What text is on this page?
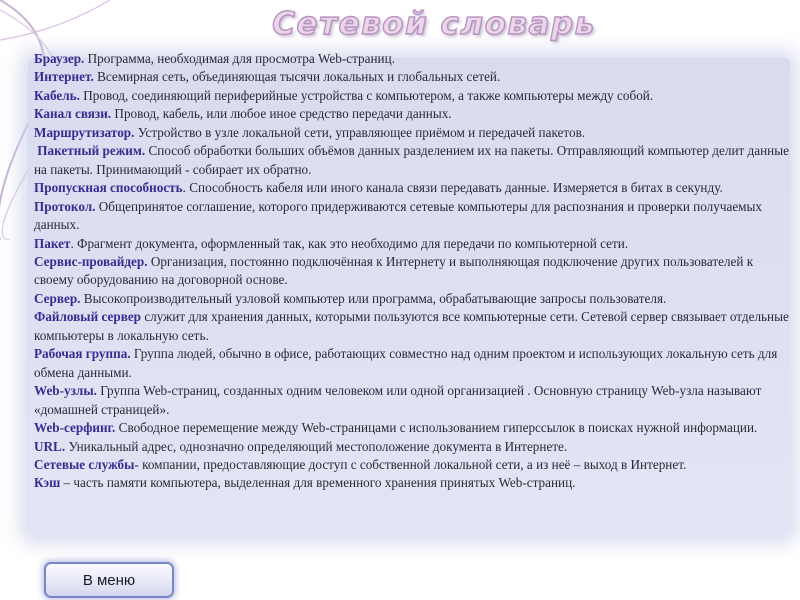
Сетевой словарь

Браузер. Программа, необходимая для просмотра Web-страниц.

Интернет. Всемирная сеть, объединяющая тысячи локальных и глобальных сетей.

Кабель. Провод, соединяющий периферийные устройства с компьютером, а также компьютеры между собой.

Канал связи. Провод, кабель, или любое иное средство передачи данных.

Маршрутизатор. Устройство в узле локальной сети, управляющее приёмом и передачей пакетов.

Пакетный режим. Способ обработки больших объёмов данных разделением их на пакеты. Отправляющий компьютер делит данные на пакеты. Принимающий - собирает их обратно.

Пропускная способность. Способность кабеля или иного канала связи передавать данные. Измеряется в битах в секунду.

Протокол. Общепринятое соглашение, которого придерживаются сетевые компьютеры для распознания и проверки получаемых данных.

Пакет. Фрагмент документа, оформленный так, как это необходимо для передачи по компьютерной сети.

Сервис-провайдер. Организация, постоянно подключённая к Интернету и выполняющая подключение других пользователей к своему оборудованию на договорной основе.

Сервер. Высокопроизводительный узловой компьютер или программа, обрабатывающие запросы пользователя.

Файловый сервер служит для хранения данных, которыми пользуются все компьютерные сети. Сетевой сервер связывает отдельные компьютеры в локальную сеть.

Рабочая группа. Группа людей, обычно в офисе, работающих совместно над одним проектом и использующих локальную сеть для обмена данными.

Web-узлы. Группа Web-страниц, созданных одним человеком или одной организацией . Основную страницу Web-узла называют «домашней страницей».

Web-серфинг. Свободное перемещение между Web-страницами с использованием гиперссылок в поисках нужной информации.

URL. Уникальный адрес, однозначно определяющий местоположение документа в Интернете.

Сетевые службы- компании, предоставляющие доступ с собственной локальной сети, а из неё – выход в Интернет.

Кэш – часть памяти компьютера, выделенная для временного хранения принятых Web-страниц.

В меню
